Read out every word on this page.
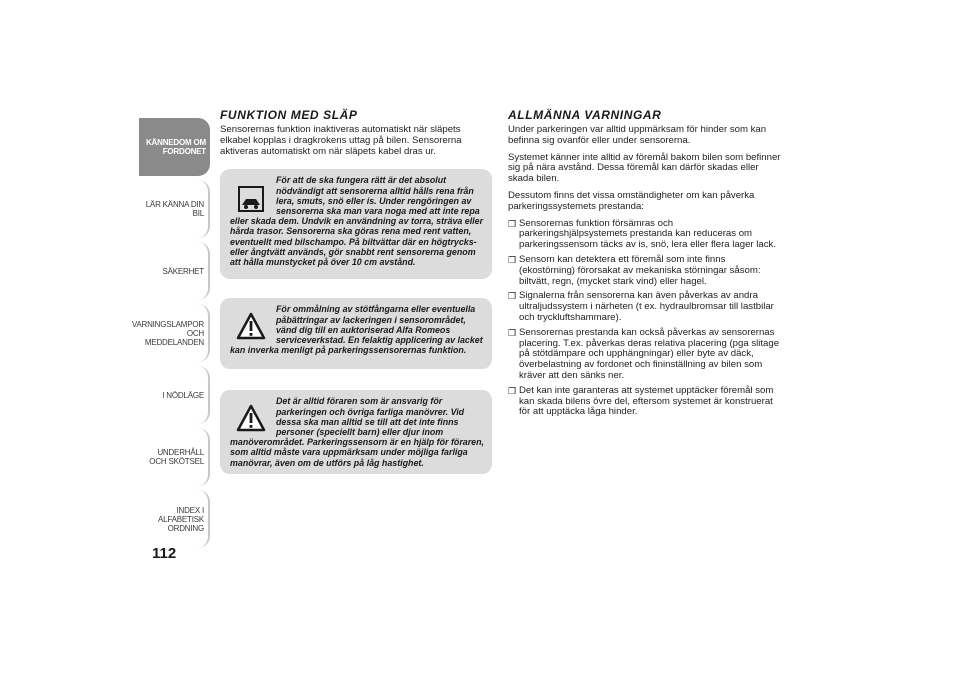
KÄNNEDOM OM FORDONET
LÄR KÄNNA DIN BIL
SÄKERHET
VARNINGSLAMPOR OCH MEDDELANDEN
I NÖDLÄGE
UNDERHÅLL OCH SKÖTSEL
INDEX I ALFABETISK ORDNING
112
FUNKTION MED SLÄP

Sensorernas funktion inaktiveras automatiskt när släpets elkabel kopplas i dragkrokens uttag på bilen. Sensorerna aktiveras automatiskt om när släpets kabel dras ur.

För att de ska fungera rätt är det absolut nödvändigt att sensorerna alltid hålls rena från lera, smuts, snö eller is. Under rengöringen av sensorerna ska man vara noga med att inte repa eller skada dem. Undvik en användning av torra, sträva eller hårda trasor. Sensorerna ska göras rena med rent vatten, eventuellt med bilschampo. På biltvättar där en högtrycks- eller ångtvätt används, gör snabbt rent sensorerna genom att hålla munstycket på över 10 cm avstånd.
För ommålning av stötfångarna eller eventuella påbättringar av lackeringen i sensorområdet, vänd dig till en auktoriserad Alfa Romeos serviceverkstad. En felaktig applicering av lacket kan inverka menligt på parkeringssensorernas funktion.
Det är alltid föraren som är ansvarig för parkeringen och övriga farliga manövrer. Vid dessa ska man alltid se till att det inte finns personer (speciellt barn) eller djur inom manöverområdet. Parkeringssensorn är en hjälp för föraren, som alltid måste vara uppmärksam under möjliga farliga manövrar, även om de utförs på låg hastighet.
ALLMÄNNA VARNINGAR

Under parkeringen var alltid uppmärksam för hinder som kan befinna sig ovanför eller under sensorerna.

Systemet känner inte alltid av föremål bakom bilen som befinner sig på nära avstånd. Dessa föremål kan därför skadas eller skada bilen.

Dessutom finns det vissa omständigheter om kan påverka parkeringssystemets prestanda:

❒ Sensorernas funktion försämras och parkeringshjälpsystemets prestanda kan reduceras om parkeringssensorn täcks av is, snö, lera eller flera lager lack.
❒ Sensorn kan detektera ett föremål som inte finns (ekostörning) förorsakat av mekaniska störningar såsom: biltvätt, regn, (mycket stark vind) eller hagel.
❒ Signalerna från sensorerna kan även påverkas av andra ultraljudssystem i närheten (t ex. hydraulbromsar till lastbilar och tryckluftshammare).
❒ Sensorernas prestanda kan också påverkas av sensorernas placering. T.ex. påverkas deras relativa placering (pga slitage på stötdämpare och upphängningar) eller byte av däck, överbelastning av fordonet och fininställning av bilen som kräver att den sänks ner.
❒ Det kan inte garanteras att systemet upptäcker föremål som kan skada bilens övre del, eftersom systemet är konstruerat för att upptäcka låga hinder.
